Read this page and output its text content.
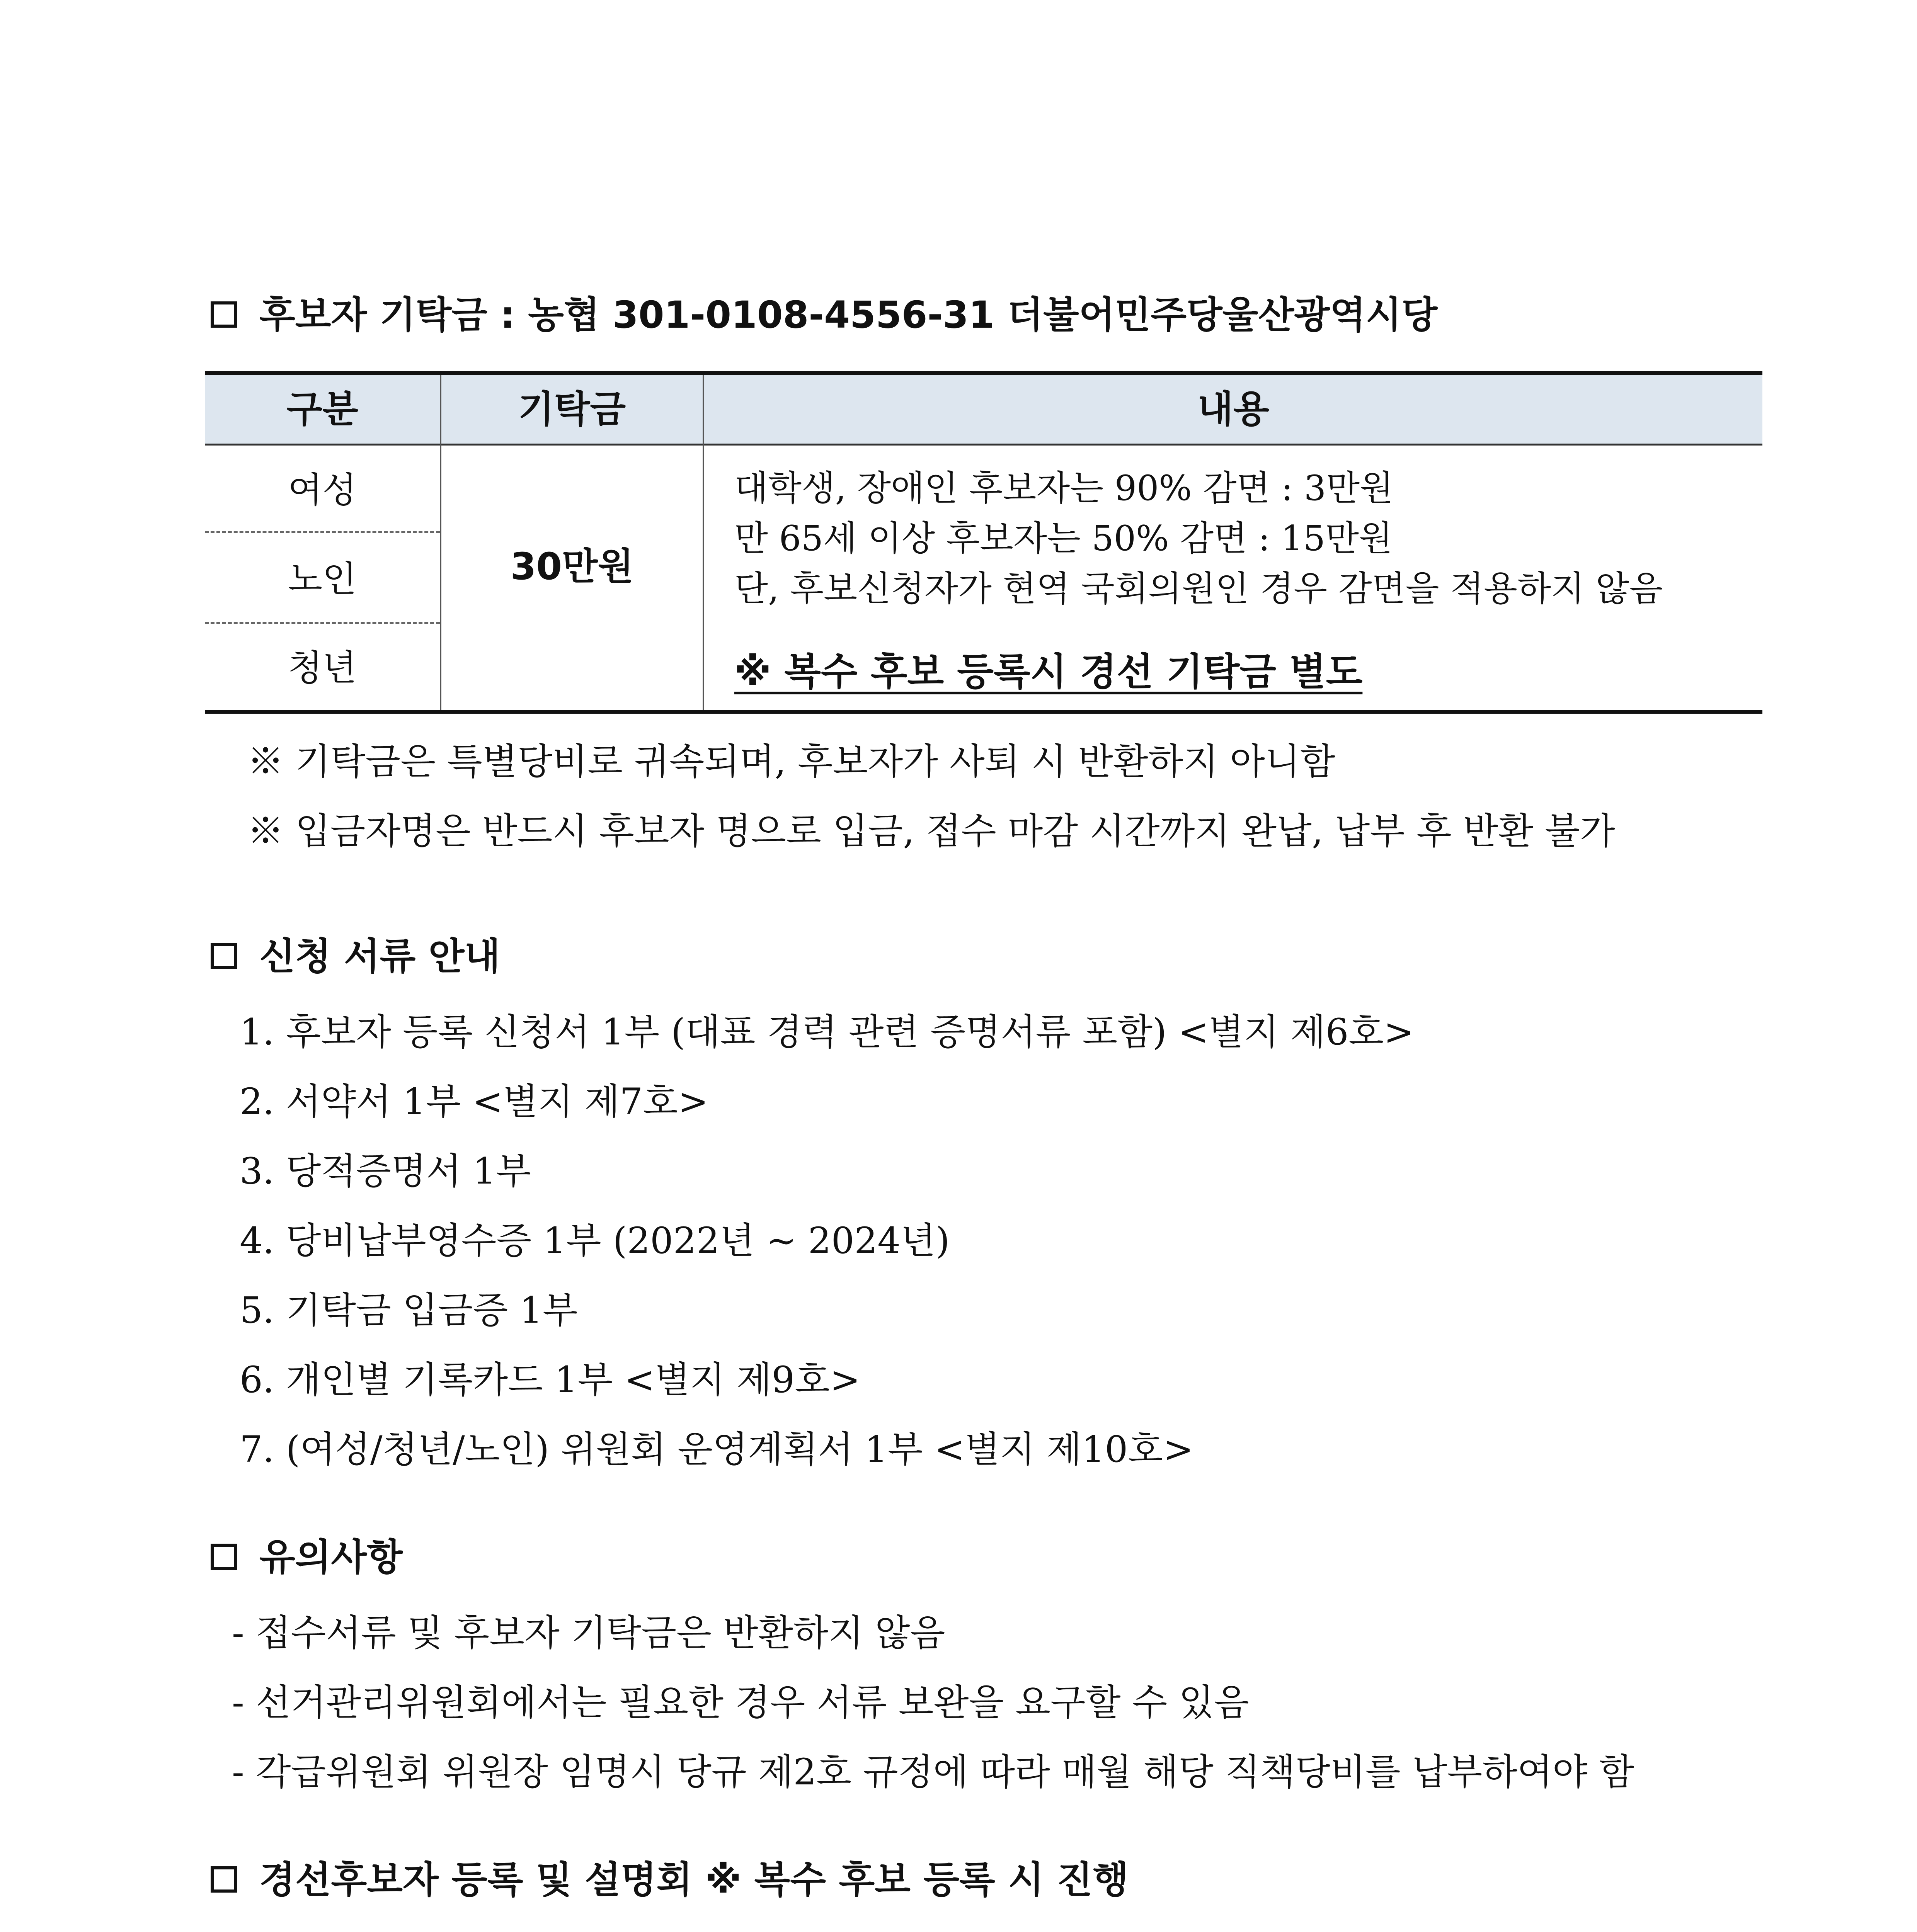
후보자 기탁금 : 농협 301-0108-4556-31 더불어민주당울산광역시당
구분	기탁금	내용
여성
노인
청년
30만원
대학생, 장애인 후보자는 90% 감면 : 3만원
만 65세 이상 후보자는 50% 감면 : 15만원
단, 후보신청자가 현역 국회의원인 경우 감면을 적용하지 않음
※ 복수 후보 등록시 경선 기탁금 별도
※ 기탁금은 특별당비로 귀속되며, 후보자가 사퇴 시 반환하지 아니함
※ 입금자명은 반드시 후보자 명으로 입금, 접수 마감 시간까지 완납, 납부 후 반환 불가
신청 서류 안내
1. 후보자 등록 신청서 1부 (대표 경력 관련 증명서류 포함) <별지 제6호>
2. 서약서 1부 <별지 제7호>
3. 당적증명서 1부
4. 당비납부영수증 1부 (2022년 ~ 2024년)
5. 기탁금 입금증 1부
6. 개인별 기록카드 1부 <별지 제9호>
7. (여성/청년/노인) 위원회 운영계획서 1부 <별지 제10호>
유의사항
- 접수서류 및 후보자 기탁금은 반환하지 않음
- 선거관리위원회에서는 필요한 경우 서류 보완을 요구할 수 있음
- 각급위원회 위원장 임명시 당규 제2호 규정에 따라 매월 해당 직책당비를 납부하여야 함
경선후보자 등록 및 설명회 ※ 복수 후보 등록 시 진행
